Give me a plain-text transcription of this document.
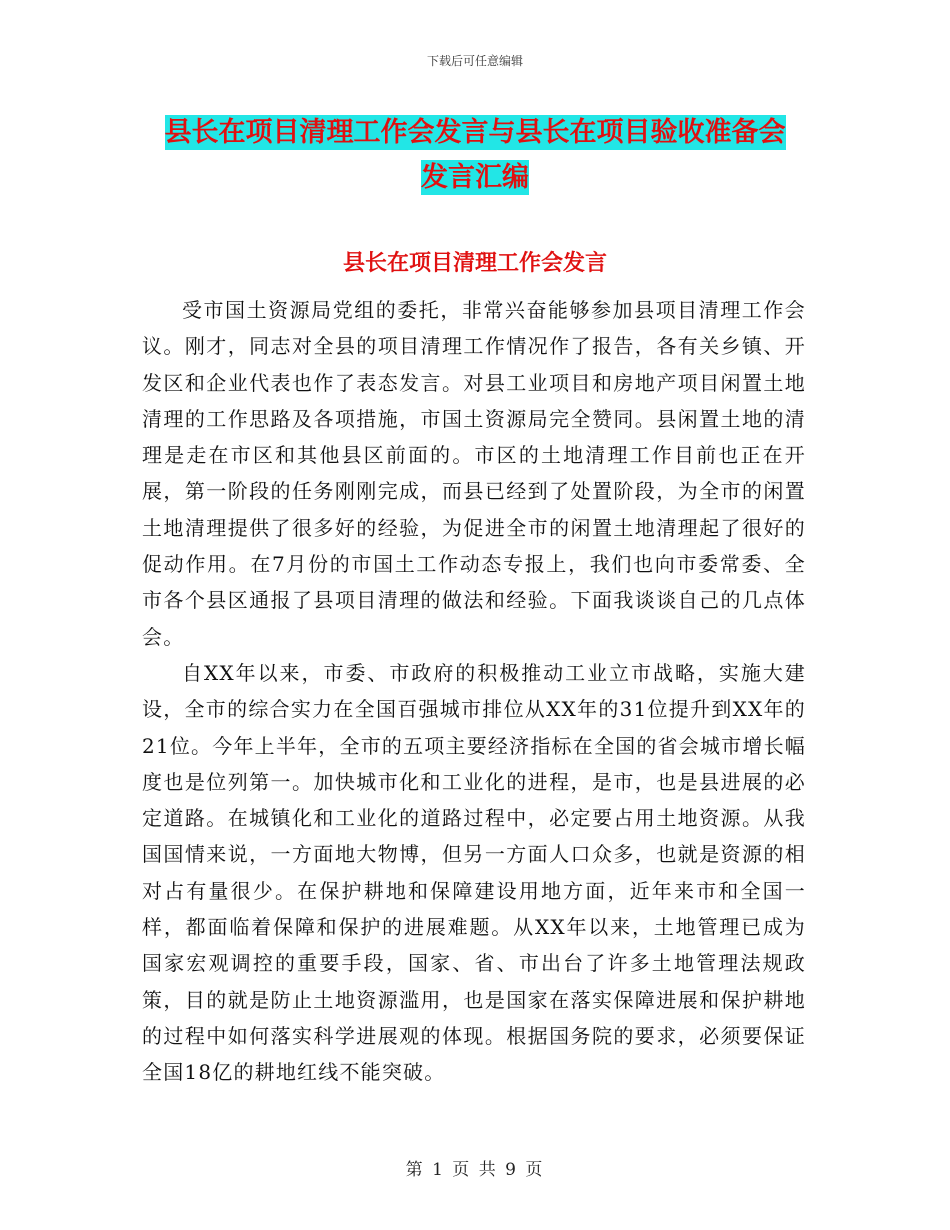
下载后可任意编辑
县长在项目清理工作会发言与县长在项目验收准备会
发言汇编
县长在项目清理工作会发言

受市国土资源局党组的委托，非常兴奋能够参加县项目清理工作会议。刚才，同志对全县的项目清理工作情况作了报告，各有关乡镇、开发区和企业代表也作了表态发言。对县工业项目和房地产项目闲置土地清理的工作思路及各项措施，市国土资源局完全赞同。县闲置土地的清理是走在市区和其他县区前面的。市区的土地清理工作目前也正在开展，第一阶段的任务刚刚完成，而县已经到了处置阶段，为全市的闲置土地清理提供了很多好的经验，为促进全市的闲置土地清理起了很好的促动作用。在7月份的市国土工作动态专报上，我们也向市委常委、全市各个县区通报了县项目清理的做法和经验。下面我谈谈自己的几点体会。

自XX年以来，市委、市政府的积极推动工业立市战略，实施大建设，全市的综合实力在全国百强城市排位从XX年的31位提升到XX年的21位。今年上半年，全市的五项主要经济指标在全国的省会城市增长幅度也是位列第一。加快城市化和工业化的进程，是市，也是县进展的必定道路。在城镇化和工业化的道路过程中，必定要占用土地资源。从我国国情来说，一方面地大物博，但另一方面人口众多，也就是资源的相对占有量很少。在保护耕地和保障建设用地方面，近年来市和全国一样，都面临着保障和保护的进展难题。从XX年以来，土地管理已成为国家宏观调控的重要手段，国家、省、市出台了许多土地管理法规政策，目的就是防止土地资源滥用，也是国家在落实保障进展和保护耕地的过程中如何落实科学进展观的体现。根据国务院的要求，必须要保证全国18亿的耕地红线不能突破。

第 1 页 共 9 页
